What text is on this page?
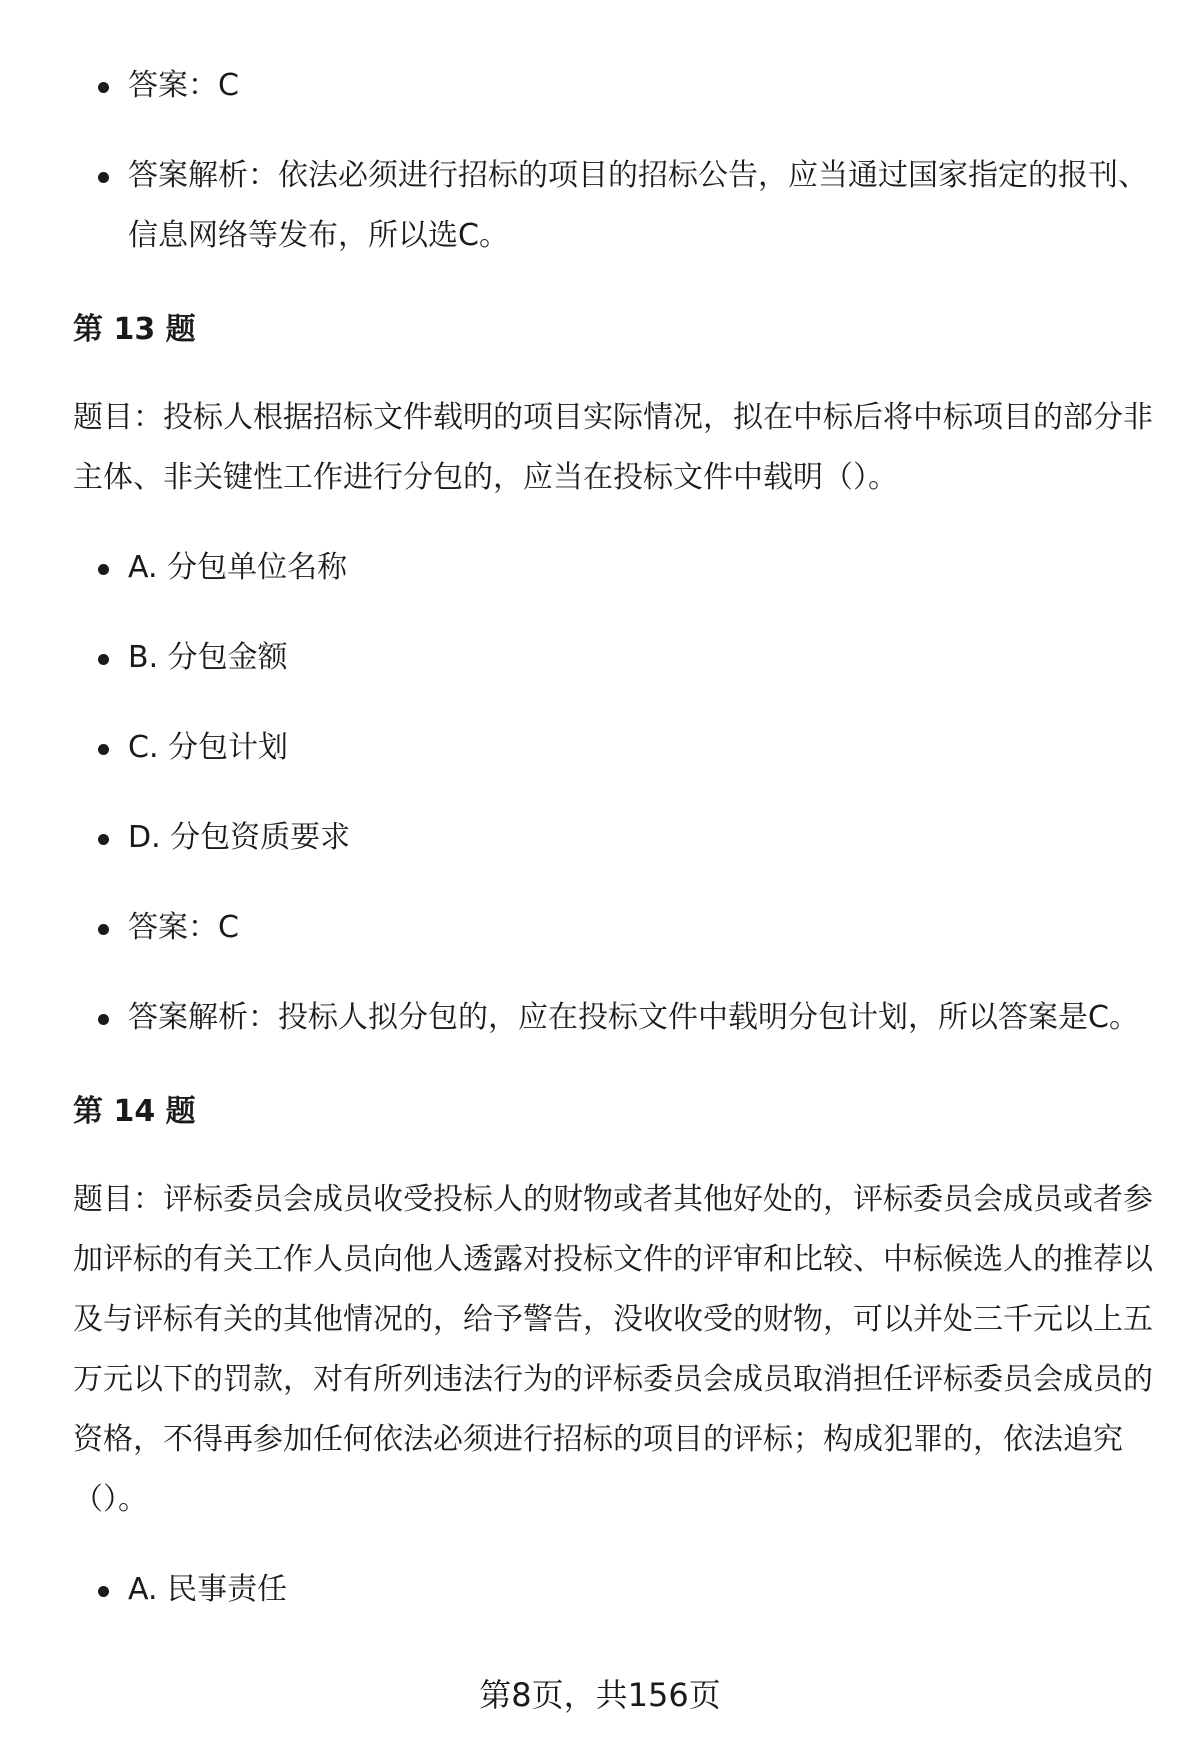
答案：C
答案解析：依法必须进行招标的项目的招标公告，应当通过国家指定的报刊、信息网络等发布，所以选C。
第 13 题
题目：投标人根据招标文件载明的项目实际情况，拟在中标后将中标项目的部分非主体、非关键性工作进行分包的，应当在投标文件中载明（）。
A. 分包单位名称
B. 分包金额
C. 分包计划
D. 分包资质要求
答案：C
答案解析：投标人拟分包的，应在投标文件中载明分包计划，所以答案是C。
第 14 题
题目：评标委员会成员收受投标人的财物或者其他好处的，评标委员会成员或者参加评标的有关工作人员向他人透露对投标文件的评审和比较、中标候选人的推荐以及与评标有关的其他情况的，给予警告，没收收受的财物，可以并处三千元以上五万元以下的罚款，对有所列违法行为的评标委员会成员取消担任评标委员会成员的资格，不得再参加任何依法必须进行招标的项目的评标；构成犯罪的，依法追究（）。
A. 民事责任
第8页，共156页
